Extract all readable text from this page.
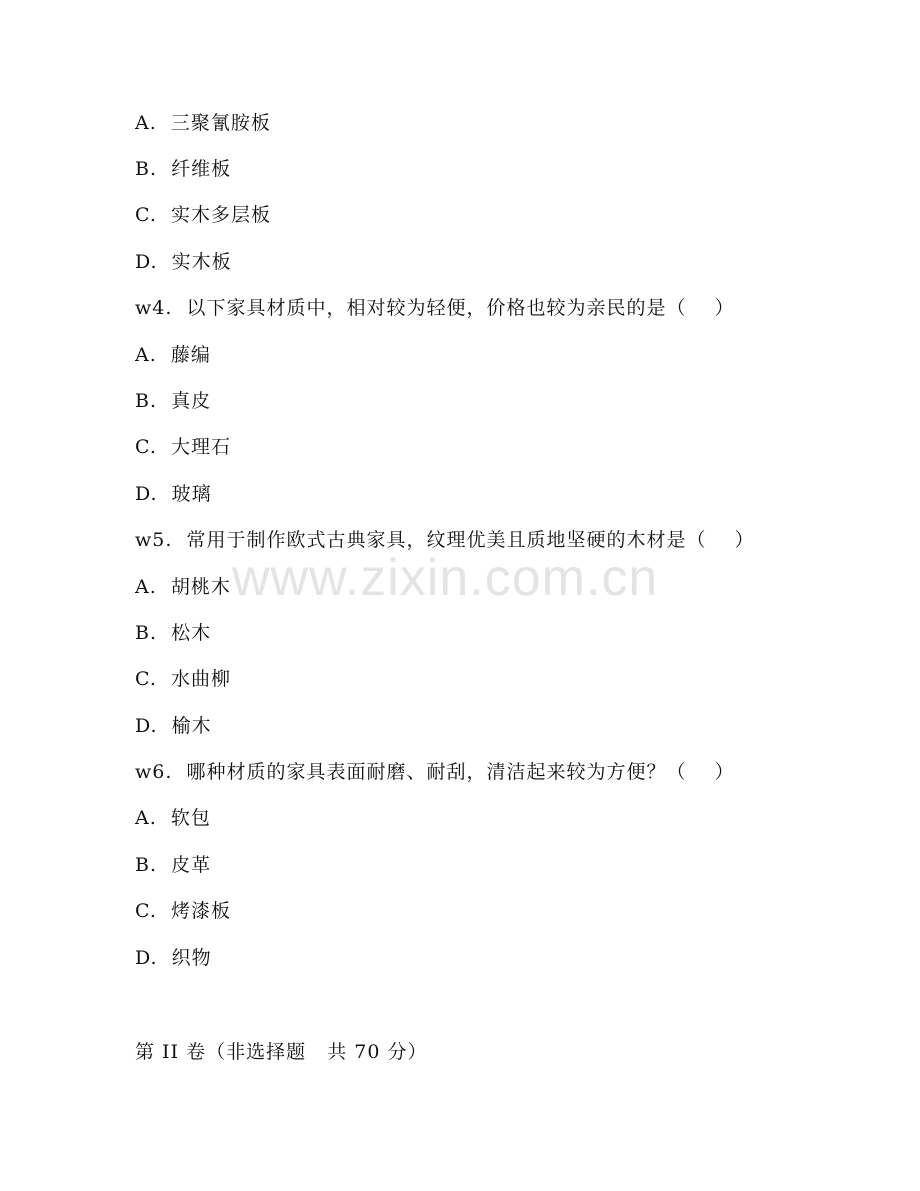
A.  三聚氰胺板
B.  纤维板
C.  实木多层板
D.  实木板
w4.  以下家具材质中，相对较为轻便，价格也较为亲民的是（    ）
A.  藤编
B.  真皮
C.  大理石
D.  玻璃
w5.  常用于制作欧式古典家具，纹理优美且质地坚硬的木材是（    ）
A.  胡桃木
B.  松木
C.  水曲柳
D.  榆木
w6.  哪种材质的家具表面耐磨、耐刮，清洁起来较为方便？（    ）
A.  软包
B.  皮革
C.  烤漆板
D.  织物
第 II 卷（非选择题   共 70 分）
www.zixin.com.cn
